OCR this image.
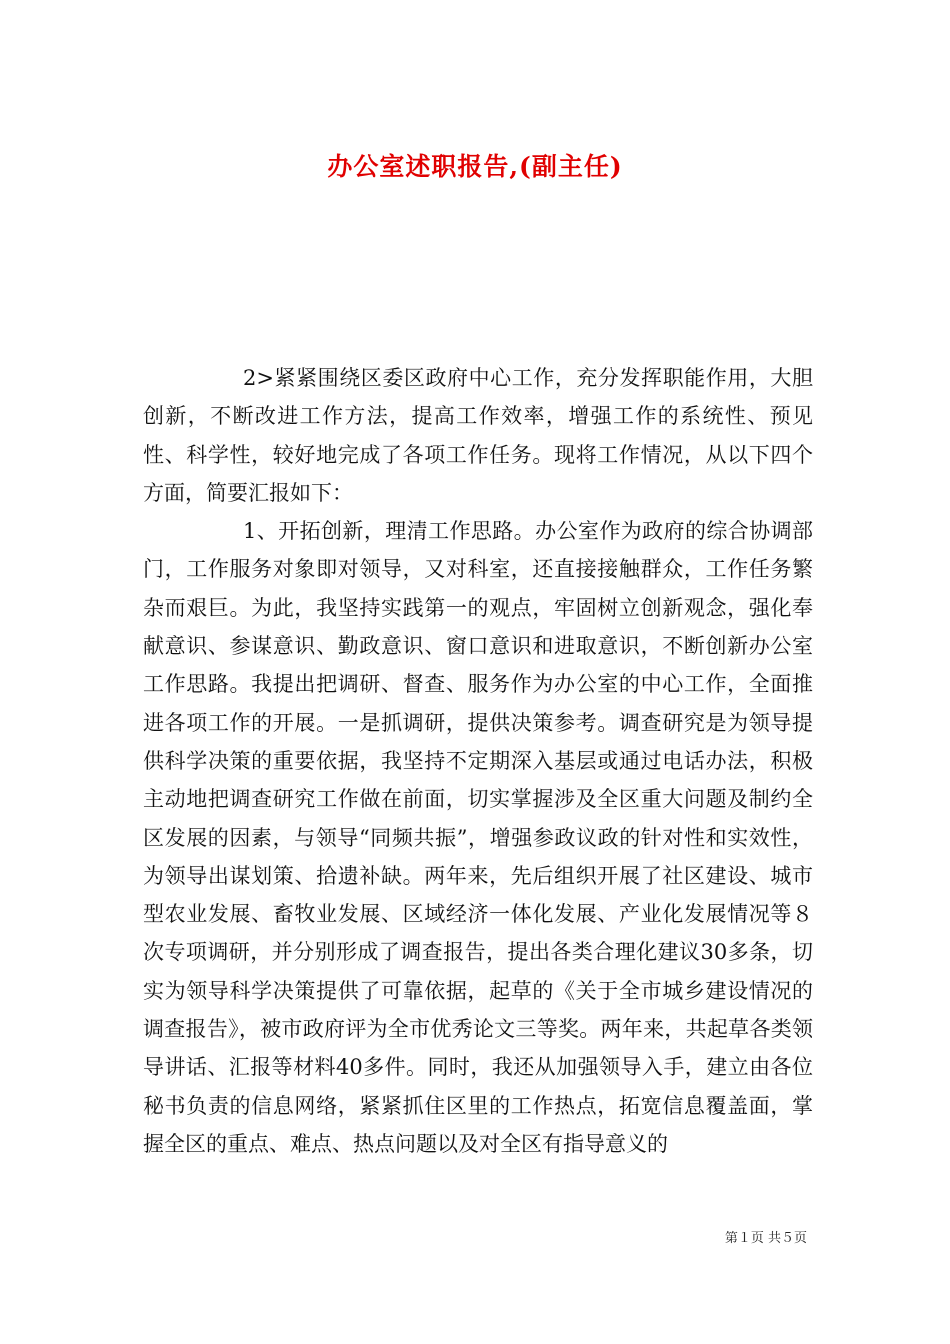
办公室述职报告,(副主任)

2>紧紧围绕区委区政府中心工作，充分发挥职能作用，大胆创新，不断改进工作方法，提高工作效率，增强工作的系统性、预见性、科学性，较好地完成了各项工作任务。现将工作情况，从以下四个方面，简要汇报如下：

1、开拓创新，理清工作思路。办公室作为政府的综合协调部门，工作服务对象即对领导，又对科室，还直接接触群众，工作任务繁杂而艰巨。为此，我坚持实践第一的观点，牢固树立创新观念，强化奉献意识、参谋意识、勤政意识、窗口意识和进取意识，不断创新办公室工作思路。我提出把调研、督查、服务作为办公室的中心工作，全面推进各项工作的开展。一是抓调研，提供决策参考。调查研究是为领导提供科学决策的重要依据，我坚持不定期深入基层或通过电话办法，积极主动地把调查研究工作做在前面，切实掌握涉及全区重大问题及制约全区发展的因素，与领导“同频共振”，增强参政议政的针对性和实效性，为领导出谋划策、拾遗补缺。两年来，先后组织开展了社区建设、城市型农业发展、畜牧业发展、区域经济一体化发展、产业化发展情况等８次专项调研，并分别形成了调查报告，提出各类合理化建议30多条，切实为领导科学决策提供了可靠依据，起草的《关于全市城乡建设情况的调查报告》，被市政府评为全市优秀论文三等奖。两年来，共起草各类领导讲话、汇报等材料40多件。同时，我还从加强领导入手，建立由各位秘书负责的信息网络，紧紧抓住区里的工作热点，拓宽信息覆盖面，掌握全区的重点、难点、热点问题以及对全区有指导意义的

第１页 共５页
